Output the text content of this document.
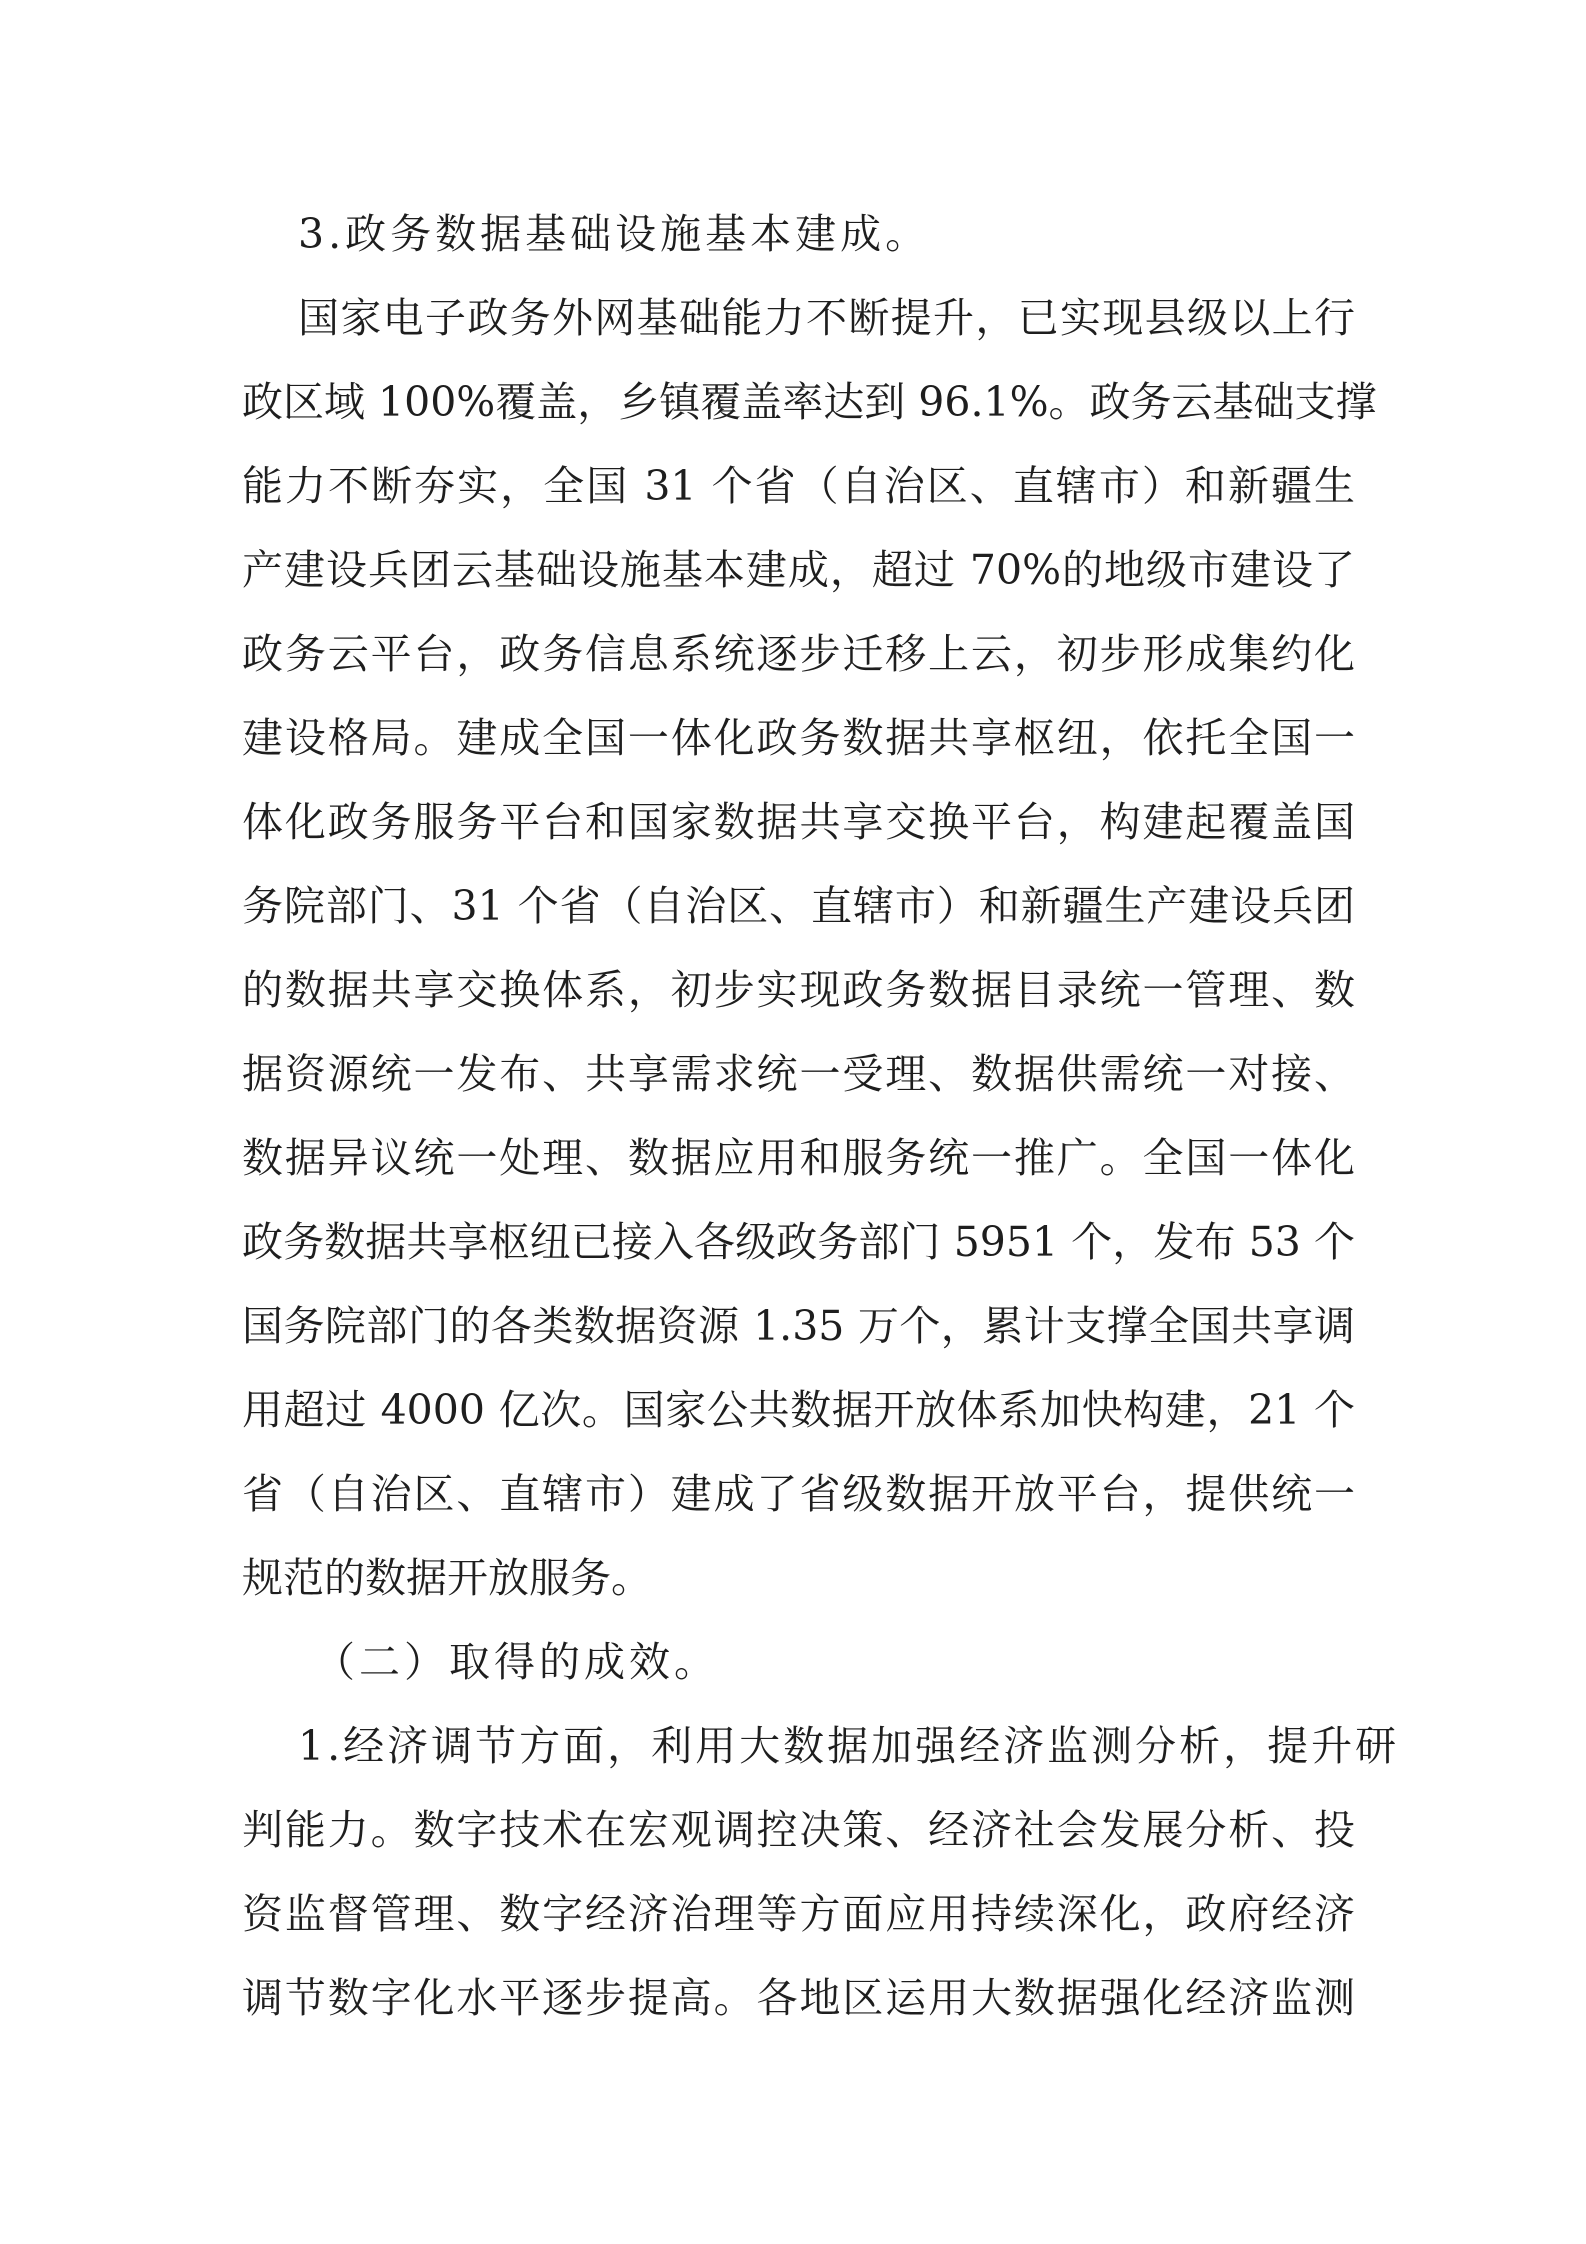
3.政务数据基础设施基本建成。
国家电子政务外网基础能力不断提升，已实现县级以上行
政区域 100%覆盖，乡镇覆盖率达到 96.1%。政务云基础支撑
能力不断夯实，全国 31 个省（自治区、直辖市）和新疆生
产建设兵团云基础设施基本建成，超过 70%的地级市建设了
政务云平台，政务信息系统逐步迁移上云，初步形成集约化
建设格局。建成全国一体化政务数据共享枢纽，依托全国一
体化政务服务平台和国家数据共享交换平台，构建起覆盖国
务院部门、31 个省（自治区、直辖市）和新疆生产建设兵团
的数据共享交换体系，初步实现政务数据目录统一管理、数
据资源统一发布、共享需求统一受理、数据供需统一对接、
数据异议统一处理、数据应用和服务统一推广。全国一体化
政务数据共享枢纽已接入各级政务部门 5951 个，发布 53 个
国务院部门的各类数据资源 1.35 万个，累计支撑全国共享调
用超过 4000 亿次。国家公共数据开放体系加快构建，21 个
省（自治区、直辖市）建成了省级数据开放平台，提供统一
规范的数据开放服务。
（二）取得的成效。
1.经济调节方面，利用大数据加强经济监测分析，提升研
判能力。数字技术在宏观调控决策、经济社会发展分析、投
资监督管理、数字经济治理等方面应用持续深化，政府经济
调节数字化水平逐步提高。各地区运用大数据强化经济监测
